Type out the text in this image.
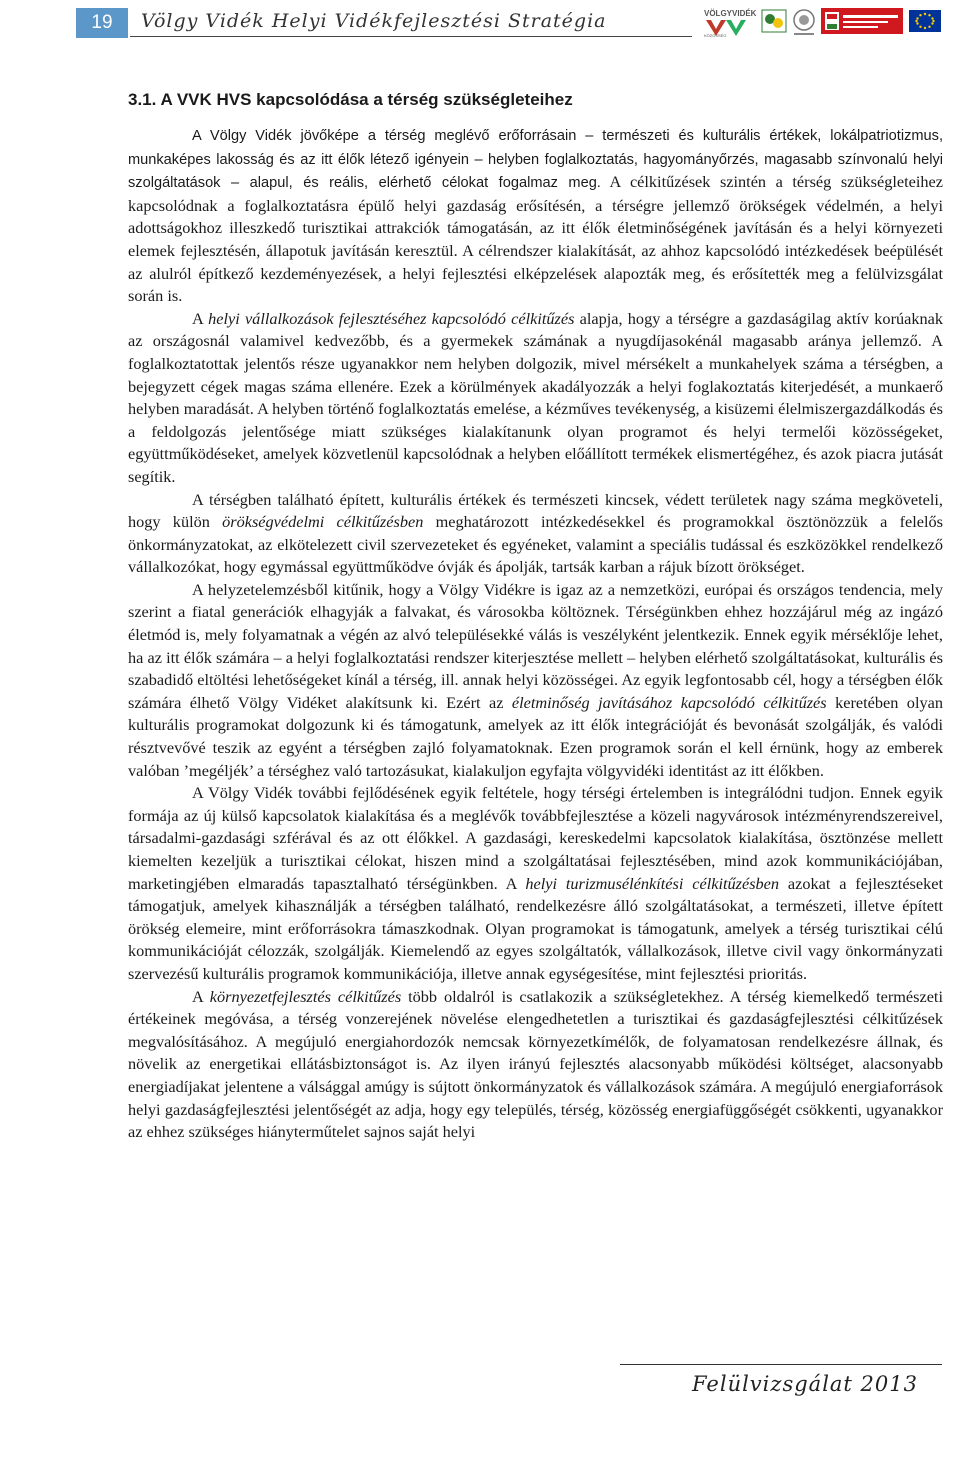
19	Völgy Vidék Helyi Vidékfejlesztési Stratégia	VÖLGYVIDÉK
KÖZÖSSÉG
3.1. A VVK HVS kapcsolódása a térség szükségleteihez

A Völgy Vidék jövőképe a térség meglévő erőforrásain – természeti és kulturális értékek, lokálpatriotizmus, munkaképes lakosság és az itt élők létező igényein – helyben foglalkoztatás, hagyományőrzés, magasabb színvonalú helyi szolgáltatások – alapul, és reális, elérhető célokat fogalmaz meg. A célkitűzések szintén a térség szükségleteihez kapcsolódnak a foglalkoztatásra épülő helyi gazdaság erősítésén, a térségre jellemző örökségek védelmén, a helyi adottságokhoz illeszkedő turisztikai attrakciók támogatásán, az itt élők életminőségének javításán és a helyi környezeti elemek fejlesztésén, állapotuk javításán keresztül. A célrendszer kialakítását, az ahhoz kapcsolódó intézkedések beépülését az alulról építkező kezdeményezések, a helyi fejlesztési elképzelések alapozták meg, és erősítették meg a felülvizsgálat során is.

A helyi vállalkozások fejlesztéséhez kapcsolódó célkitűzés alapja, hogy a térségre a gazdaságilag aktív korúaknak az országosnál valamivel kedvezőbb, és a gyermekek számának a nyugdíjasokénál magasabb aránya jellemző. A foglalkoztatottak jelentős része ugyanakkor nem helyben dolgozik, mivel mérsékelt a munkahelyek száma a térségben, a bejegyzett cégek magas száma ellenére. Ezek a körülmények akadályozzák a helyi foglakoztatás kiterjedését, a munkaerő helyben maradását. A helyben történő foglalkoztatás emelése, a kézműves tevékenység, a kisüzemi élelmiszergazdálkodás és a feldolgozás jelentősége miatt szükséges kialakítanunk olyan programot és helyi termelői közösségeket, együttműködéseket, amelyek közvetlenül kapcsolódnak a helyben előállított termékek elismertégéhez, és azok piacra jutását segítik.

A térségben található épített, kulturális értékek és természeti kincsek, védett területek nagy száma megköveteli, hogy külön örökségvédelmi célkitűzésben meghatározott intézkedésekkel és programokkal ösztönözzük a felelős önkormányzatokat, az elkötelezett civil szervezeteket és egyéneket, valamint a speciális tudással és eszközökkel rendelkező vállalkozókat, hogy egymással együttműködve óvják és ápolják, tartsák karban a rájuk bízott örökséget.

A helyzetelemzésből kitűnik, hogy a Völgy Vidékre is igaz az a nemzetközi, európai és országos tendencia, mely szerint a fiatal generációk elhagyják a falvakat, és városokba költöznek. Térségünkben ehhez hozzájárul még az ingázó életmód is, mely folyamatnak a végén az alvó településekké válás is veszélyként jelentkezik. Ennek egyik mérséklője lehet, ha az itt élők számára – a helyi foglalkoztatási rendszer kiterjesztése mellett – helyben elérhető szolgáltatásokat, kulturális és szabadidő eltöltési lehetőségeket kínál a térség, ill. annak helyi közösségei. Az egyik legfontosabb cél, hogy a térségben élők számára élhető Völgy Vidéket alakítsunk ki. Ezért az életminőség javításához kapcsolódó célkitűzés keretében olyan kulturális programokat dolgozunk ki és támogatunk, amelyek az itt élők integrációját és bevonását szolgálják, és valódi résztvevővé teszik az egyént a térségben zajló folyamatoknak. Ezen programok során el kell érnünk, hogy az emberek valóban ’megéljék’ a térséghez való tartozásukat, kialakuljon egyfajta völgyvidéki identitást az itt élőkben.

A Völgy Vidék további fejlődésének egyik feltétele, hogy térségi értelemben is integrálódni tudjon. Ennek egyik formája az új külső kapcsolatok kialakítása és a meglévők továbbfejlesztése a közeli nagyvárosok intézményrendszereivel, társadalmi-gazdasági szférával és az ott élőkkel. A gazdasági, kereskedelmi kapcsolatok kialakítása, ösztönzése mellett kiemelten kezeljük a turisztikai célokat, hiszen mind a szolgáltatásai fejlesztésében, mind azok kommunikációjában, marketingjében elmaradás tapasztalható térségünkben. A helyi turizmusélénkítési célkitűzésben azokat a fejlesztéseket támogatjuk, amelyek kihasználják a térségben található, rendelkezésre álló szolgáltatásokat, a természeti, illetve épített örökség elemeire, mint erőforrásokra támaszkodnak. Olyan programokat is támogatunk, amelyek a térség turisztikai célú kommunikációját célozzák, szolgálják. Kiemelendő az egyes szolgáltatók, vállalkozások, illetve civil vagy önkormányzati szervezésű kulturális programok kommunikációja, illetve annak egységesítése, mint fejlesztési prioritás.

A környezetfejlesztés célkitűzés több oldalról is csatlakozik a szükségletekhez. A térség kiemelkedő természeti értékeinek megóvása, a térség vonzerejének növelése elengedhetetlen a turisztikai és gazdaságfejlesztési célkitűzések megvalósításához. A megújuló energiahordozók nemcsak környezetkímélők, de folyamatosan rendelkezésre állnak, és növelik az energetikai ellátásbiztonságot is. Az ilyen irányú fejlesztés alacsonyabb működési költséget, alacsonyabb energiadíjakat jelentene a válsággal amúgy is sújtott önkormányzatok és vállalkozások számára. A megújuló energiaforrások helyi gazdaságfejlesztési jelentőségét az adja, hogy egy település, térség, közösség energiafüggőségét csökkenti, ugyanakkor az ehhez szükséges hiányterműtelet sajnos saját helyi

Felülvizsgálat 2013
